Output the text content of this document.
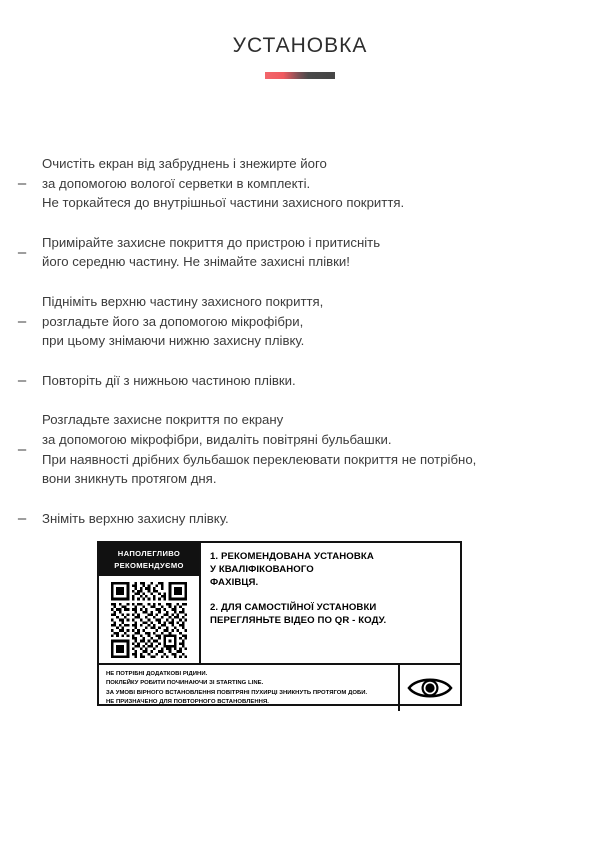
УСТАНОВКА
–
Очистіть екран від забруднень і знежирте його
за допомогою вологої серветки в комплекті.
Не торкайтеся до внутрішньої частини захисного покриття.
–
Примірайте захисне покриття до пристрою і притисніть
його середню частину. Не знімайте захисні плівки!
–
Підніміть верхню частину захисного покриття,
розгладьте його за допомогою мікрофібри,
при цьому знімаючи нижню захисну плівку.
–	Повторіть дії з нижньою частиною плівки.
–
Розгладьте захисне покриття по екрану
за допомогою мікрофібри, видаліть повітряні бульбашки.
При наявності дрібних бульбашок переклеювати покриття не потрібно,
вони зникнуть протягом дня.
–	Зніміть верхню захисну плівку.
НАПОЛЕГЛИВО
РЕКОМЕНДУЄМО
1. РЕКОМЕНДОВАНА УСТАНОВКА
У КВАЛІФІКОВАНОГО
ФАХІВЦЯ.
2. ДЛЯ САМОСТІЙНОЇ УСТАНОВКИ
ПЕРЕГЛЯНЬТЕ ВІДЕО ПО QR - КОДУ.
НЕ ПОТРІБНІ ДОДАТКОВІ РІДИНИ.
ПОКЛЕЙКУ РОБИТИ ПОЧИНАЮЧИ ЗІ STARTING LINE.
ЗА УМОВІ ВІРНОГО ВСТАНОВЛЕННЯ ПОВІТРЯНІ ПУХИРЦІ ЗНИКНУТЬ ПРОТЯГОМ ДОБИ.
НЕ ПРИЗНАЧЕНО ДЛЯ ПОВТОРНОГО ВСТАНОВЛЕННЯ.
